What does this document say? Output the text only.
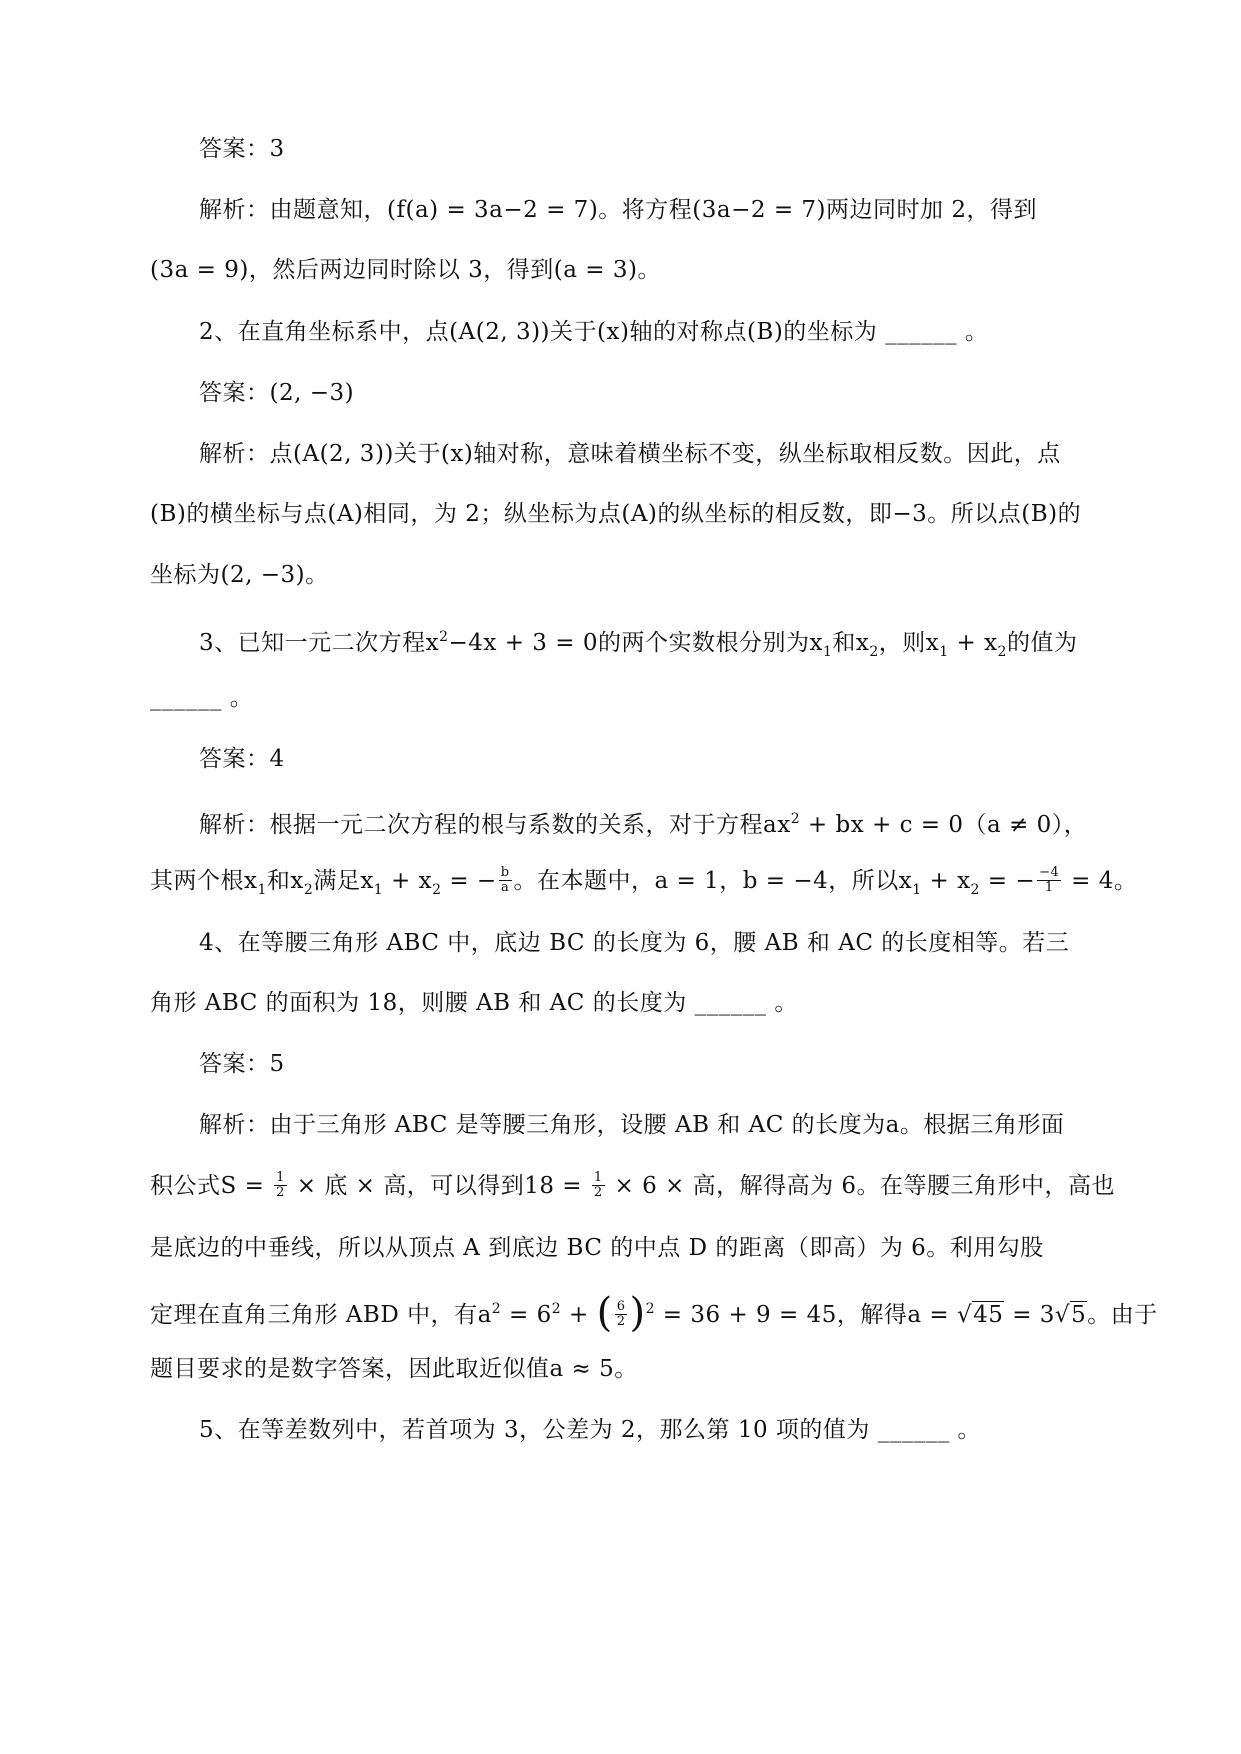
答案：3
解析：由题意知，(f(a) = 3a−2 = 7)。将方程(3a−2 = 7)两边同时加 2，得到
(3a = 9)，然后两边同时除以 3，得到(a = 3)。
2、在直角坐标系中，点(A(2, 3))关于(x)轴的对称点(B)的坐标为 ______ 。
答案：(2, −3)
解析：点(A(2, 3))关于(x)轴对称，意味着横坐标不变，纵坐标取相反数。因此，点
(B)的横坐标与点(A)相同，为 2；纵坐标为点(A)的纵坐标的相反数，即−3。所以点(B)的
坐标为(2, −3)。
3、已知一元二次方程$x^2-4x + 3 = 0$的两个实数根分别为$x_1$和$x_2$，则$x_1 + x_2$的值为
______ 。
答案：4
解析：根据一元二次方程的根与系数的关系，对于方程$ax^2$ + bx + c = 0（a ≠ 0），
其两个根$x_1$和$x_2$满足$x_1 + x_2$ = − $\frac{b}{a}$ 。在本题中，a = 1，b = −4，所以$x_1 + x_2$ = − $\frac{-4}{1} = 4$。
4、在等腰三角形 ABC 中，底边 BC 的长度为 6，腰 AB 和 AC 的长度相等。若三
角形 ABC 的面积为 18，则腰 AB 和 AC 的长度为 ______ 。
答案：5
解析：由于三角形 ABC 是等腰三角形，设腰 AB 和 AC 的长度为a。根据三角形面
积公式$S = \frac{1}{2}$ × 底 × 高，可以得到$18 = \frac{1}{2} \times 6$ × 高，解得高为 6。在等腰三角形中，高也
是底边的中垂线，所以从顶点 A 到底边 BC 的中点 D 的距离（即高）为 6。利用勾股
定理在直角三角形 ABD 中，有$a^2 = 6^2$ + ( $\frac{6}{2} )^2 = 36 + 9 = 45$，解得a = √45 = 3√5。由于
题目要求的是数字答案，因此取近似值a ≈ 5。
5、在等差数列中，若首项为 3，公差为 2，那么第 10 项的值为 ______ 。
